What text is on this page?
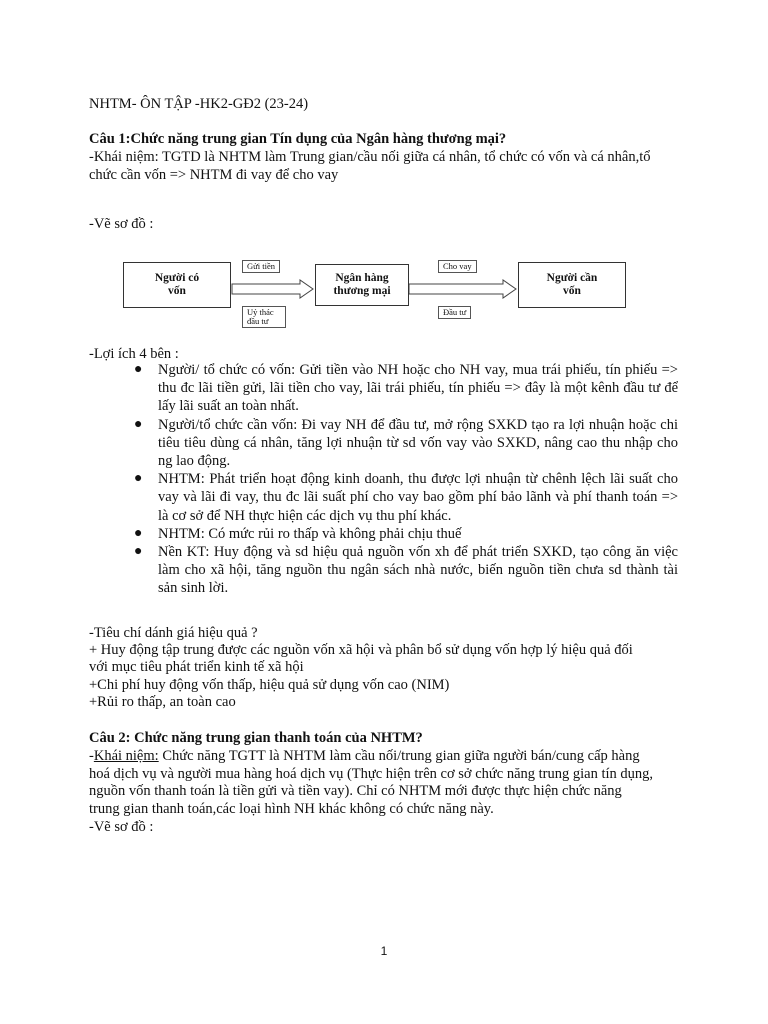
NHTM- ÔN TẬP -HK2-GĐ2 (23-24)
Câu 1:Chức năng trung gian Tín dụng của Ngân hàng thương mại?
-Khái niệm: TGTD là NHTM làm Trung gian/cầu nối giữa cá nhân, tổ chức có vốn và cá nhân,tổ
chức cần vốn => NHTM đi vay để cho vay
-Vẽ sơ đồ :
Người có vốn
Ngân hàng thương mại
Người cần vốn
Gửi tiền
Uỷ thác đầu tư
Cho vay
Đầu tư
-Lợi ích 4 bên :
● Người/ tổ chức có vốn: Gửi tiền vào NH hoặc cho NH vay, mua trái phiếu, tín phiếu => thu đc lãi tiền gửi, lãi tiền cho vay, lãi trái phiếu, tín phiếu => đây là một kênh đầu tư để lấy lãi suất an toàn nhất.
● Người/tổ chức cần vốn: Đi vay NH để đầu tư, mở rộng SXKD tạo ra lợi nhuận hoặc chi tiêu tiêu dùng cá nhân, tăng lợi nhuận từ sd vốn vay vào SXKD, nâng cao thu nhập cho ng lao động.
● NHTM: Phát triển hoạt động kinh doanh, thu được lợi nhuận từ chênh lệch lãi suất cho vay và lãi đi vay, thu đc lãi suất phí cho vay bao gồm phí bảo lãnh và phí thanh toán => là cơ sở để NH thực hiện các dịch vụ thu phí khác.
● NHTM: Có mức rủi ro thấp và không phải chịu thuế
● Nền KT: Huy động và sd hiệu quả nguồn vốn xh để phát triển SXKD, tạo công ăn việc làm cho xã hội, tăng nguồn thu ngân sách nhà nước, biến nguồn tiền chưa sd thành tài sản sinh lời.
-Tiêu chí dánh giá hiệu quả ?
+ Huy động tập trung được các nguồn vốn xã hội và phân bổ sử dụng vốn hợp lý hiệu quả đối
với mục tiêu phát triển kinh tế xã hội
+Chi phí huy động vốn thấp, hiệu quả sử dụng vốn cao (NIM)
+Rủi ro thấp, an toàn cao
Câu 2: Chức năng trung gian thanh toán của NHTM?
-Khái niệm: Chức năng TGTT là NHTM làm cầu nối/trung gian giữa người bán/cung cấp hàng
hoá dịch vụ và người mua hàng hoá dịch vụ (Thực hiện trên cơ sở chức năng trung gian tín dụng,
nguồn vốn thanh toán là tiền gửi và tiền vay). Chỉ có NHTM mới được thực hiện chức năng
trung gian thanh toán,các loại hình NH khác không có chức năng này.
-Vẽ sơ đồ :
1
